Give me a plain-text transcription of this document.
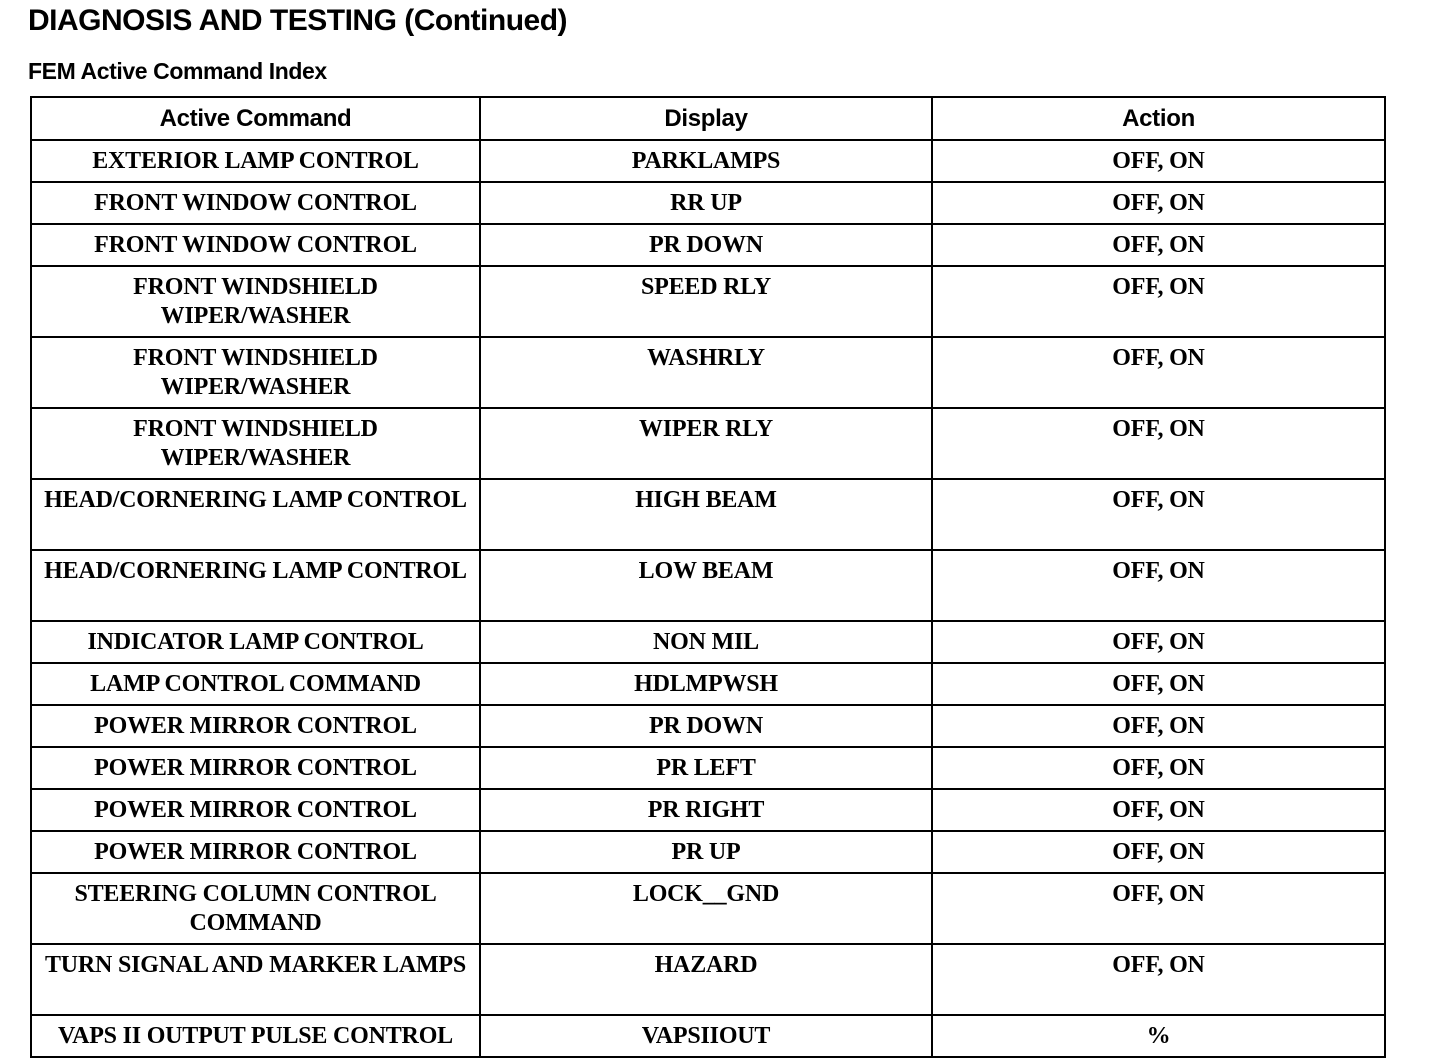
DIAGNOSIS AND TESTING (Continued)
FEM Active Command Index
Active Command	Display	Action

EXTERIOR LAMP CONTROL	PARKLAMPS	OFF, ON

FRONT WINDOW CONTROL	RR UP	OFF, ON

FRONT WINDOW CONTROL	PR DOWN	OFF, ON

FRONT WINDSHIELD WIPER/WASHER	SPEED RLY	OFF, ON

FRONT WINDSHIELD WIPER/WASHER	WASHRLY	OFF, ON

FRONT WINDSHIELD WIPER/WASHER	WIPER RLY	OFF, ON

HEAD/CORNERING LAMP CONTROL	HIGH BEAM	OFF, ON

HEAD/CORNERING LAMP CONTROL	LOW BEAM	OFF, ON

INDICATOR LAMP CONTROL	NON MIL	OFF, ON

LAMP CONTROL COMMAND	HDLMPWSH	OFF, ON

POWER MIRROR CONTROL	PR DOWN	OFF, ON

POWER MIRROR CONTROL	PR LEFT	OFF, ON

POWER MIRROR CONTROL	PR RIGHT	OFF, ON

POWER MIRROR CONTROL	PR UP	OFF, ON

STEERING COLUMN CONTROL COMMAND	LOCK__GND	OFF, ON

TURN SIGNAL AND MARKER LAMPS	HAZARD	OFF, ON

VAPS II OUTPUT PULSE CONTROL	VAPSIIOUT	%
